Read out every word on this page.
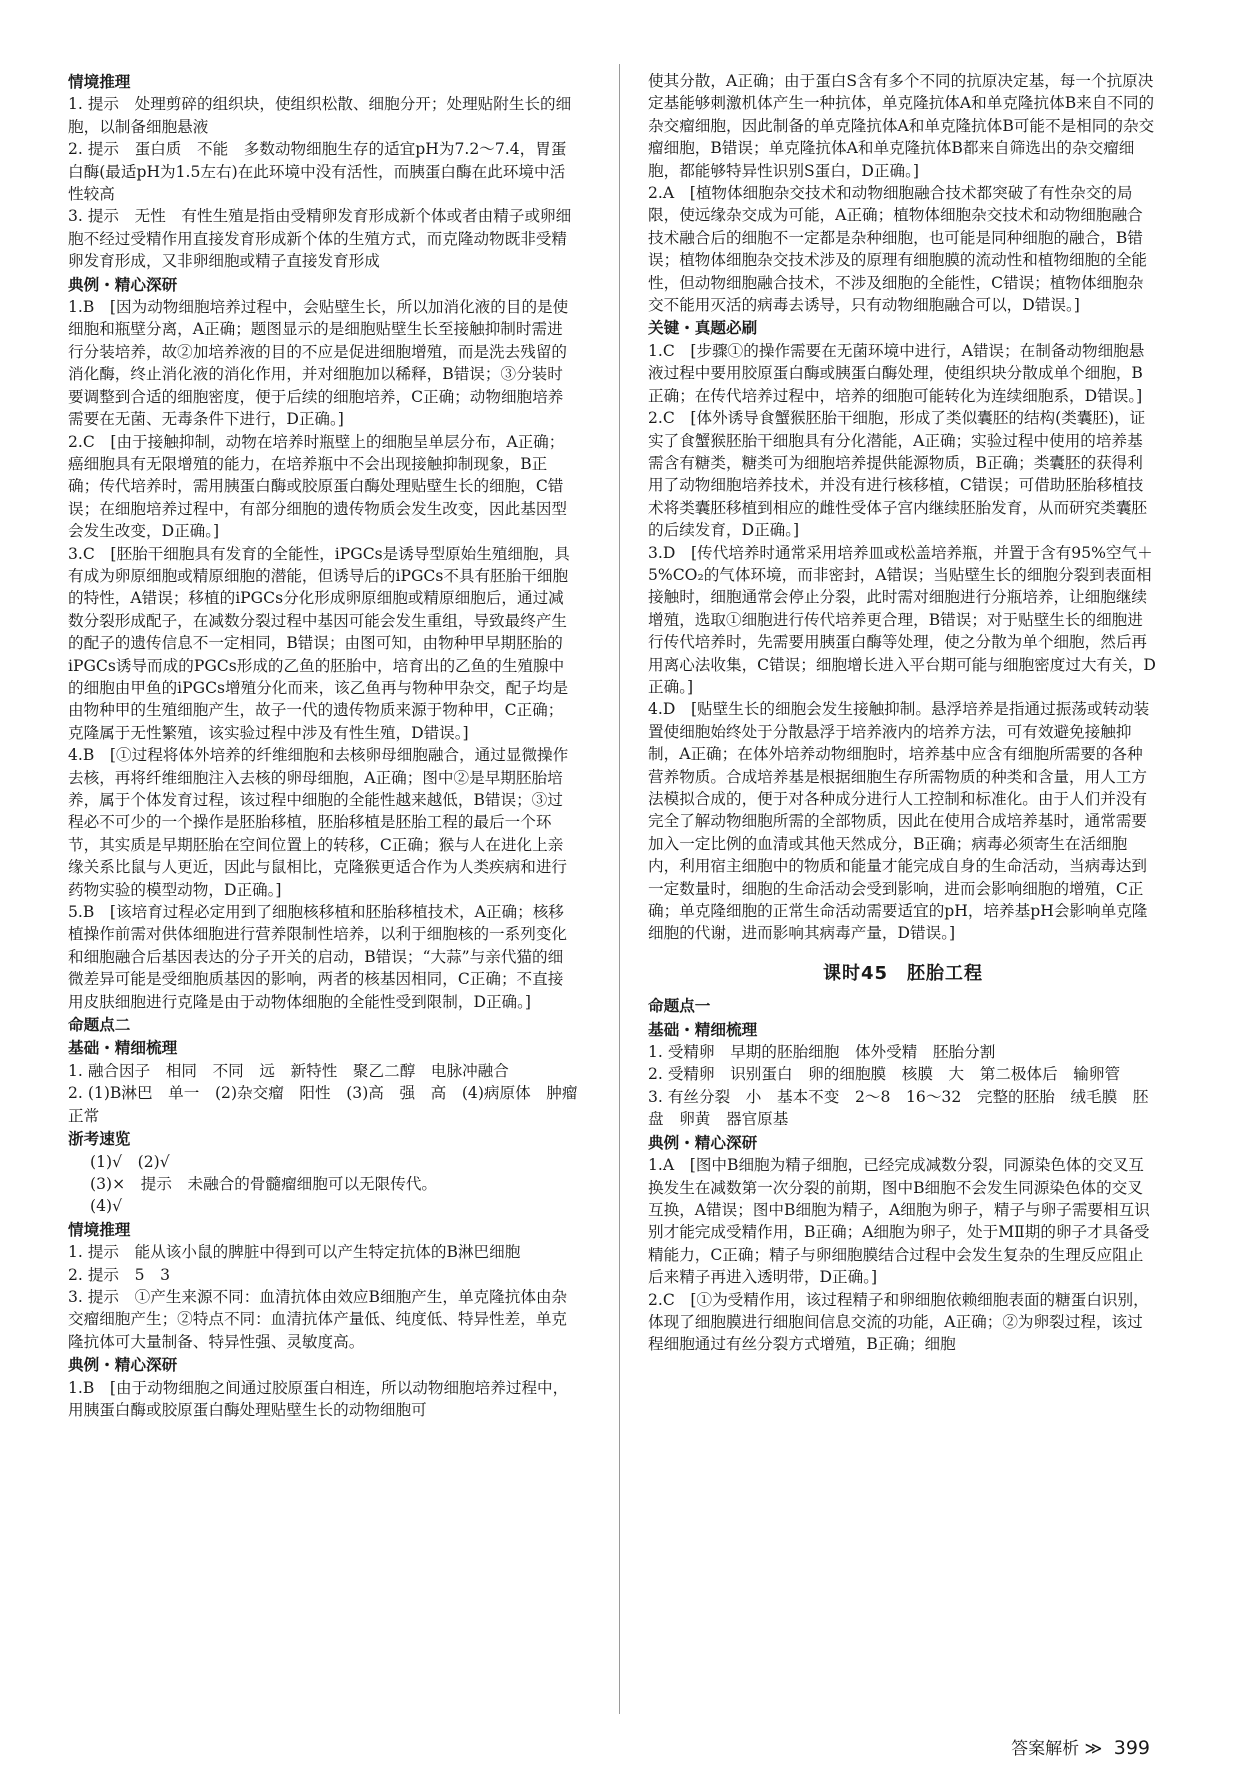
情境推理

1. 提示　处理剪碎的组织块，使组织松散、细胞分开；处理贴附生长的细胞，以制备细胞悬液

2. 提示　蛋白质　不能　多数动物细胞生存的适宜pH为7.2～7.4，胃蛋白酶(最适pH为1.5左右)在此环境中没有活性，而胰蛋白酶在此环境中活性较高

3. 提示　无性　有性生殖是指由受精卵发育形成新个体或者由精子或卵细胞不经过受精作用直接发育形成新个体的生殖方式，而克隆动物既非受精卵发育形成，又非卵细胞或精子直接发育形成

典例・精心深研

1.B　[因为动物细胞培养过程中，会贴壁生长，所以加消化液的目的是使细胞和瓶壁分离，A正确；题图显示的是细胞贴壁生长至接触抑制时需进行分装培养，故②加培养液的目的不应是促进细胞增殖，而是洗去残留的消化酶，终止消化液的消化作用，并对细胞加以稀释，B错误；③分装时要调整到合适的细胞密度，便于后续的细胞培养，C正确；动物细胞培养需要在无菌、无毒条件下进行，D正确。]

2.C　[由于接触抑制，动物在培养时瓶壁上的细胞呈单层分布，A正确；癌细胞具有无限增殖的能力，在培养瓶中不会出现接触抑制现象，B正确；传代培养时，需用胰蛋白酶或胶原蛋白酶处理贴壁生长的细胞，C错误；在细胞培养过程中，有部分细胞的遗传物质会发生改变，因此基因型会发生改变，D正确。]

3.C　[胚胎干细胞具有发育的全能性，iPGCs是诱导型原始生殖细胞，具有成为卵原细胞或精原细胞的潜能，但诱导后的iPGCs不具有胚胎干细胞的特性，A错误；移植的iPGCs分化形成卵原细胞或精原细胞后，通过减数分裂形成配子，在减数分裂过程中基因可能会发生重组，导致最终产生的配子的遗传信息不一定相同，B错误；由图可知，由物种甲早期胚胎的iPGCs诱导而成的PGCs形成的乙鱼的胚胎中，培育出的乙鱼的生殖腺中的细胞由甲鱼的iPGCs增殖分化而来，该乙鱼再与物种甲杂交，配子均是由物种甲的生殖细胞产生，故子一代的遗传物质来源于物种甲，C正确；克隆属于无性繁殖，该实验过程中涉及有性生殖，D错误。]

4.B　[①过程将体外培养的纤维细胞和去核卵母细胞融合，通过显微操作去核，再将纤维细胞注入去核的卵母细胞，A正确；图中②是早期胚胎培养，属于个体发育过程，该过程中细胞的全能性越来越低，B错误；③过程必不可少的一个操作是胚胎移植，胚胎移植是胚胎工程的最后一个环节，其实质是早期胚胎在空间位置上的转移，C正确；猴与人在进化上亲缘关系比鼠与人更近，因此与鼠相比，克隆猴更适合作为人类疾病和进行药物实验的模型动物，D正确。]

5.B　[该培育过程必定用到了细胞核移植和胚胎移植技术，A正确；核移植操作前需对供体细胞进行营养限制性培养，以利于细胞核的一系列变化和细胞融合后基因表达的分子开关的启动，B错误；“大蒜”与亲代猫的细微差异可能是受细胞质基因的影响，两者的核基因相同，C正确；不直接用皮肤细胞进行克隆是由于动物体细胞的全能性受到限制，D正确。]

命题点二
基础・精细梳理

1. 融合因子　相同　不同　远　新特性　聚乙二醇　电脉冲融合

2. (1)B淋巴　单一　(2)杂交瘤　阳性　(3)高　强　高　(4)病原体　肿瘤　正常

浙考速览

(1)√　(2)√

(3)×　提示　未融合的骨髓瘤细胞可以无限传代。

(4)√

情境推理

1. 提示　能从该小鼠的脾脏中得到可以产生特定抗体的B淋巴细胞

2. 提示　5　3

3. 提示　①产生来源不同：血清抗体由效应B细胞产生，单克隆抗体由杂交瘤细胞产生；②特点不同：血清抗体产量低、纯度低、特异性差，单克隆抗体可大量制备、特异性强、灵敏度高。

典例・精心深研

1.B　[由于动物细胞之间通过胶原蛋白相连，所以动物细胞培养过程中，用胰蛋白酶或胶原蛋白酶处理贴壁生长的动物细胞可

使其分散，A正确；由于蛋白S含有多个不同的抗原决定基，每一个抗原决定基能够刺激机体产生一种抗体，单克隆抗体A和单克隆抗体B来自不同的杂交瘤细胞，因此制备的单克隆抗体A和单克隆抗体B可能不是相同的杂交瘤细胞，B错误；单克隆抗体A和单克隆抗体B都来自筛选出的杂交瘤细胞，都能够特异性识别S蛋白，D正确。]

2.A　[植物体细胞杂交技术和动物细胞融合技术都突破了有性杂交的局限，使远缘杂交成为可能，A正确；植物体细胞杂交技术和动物细胞融合技术融合后的细胞不一定都是杂种细胞，也可能是同种细胞的融合，B错误；植物体细胞杂交技术涉及的原理有细胞膜的流动性和植物细胞的全能性，但动物细胞融合技术，不涉及细胞的全能性，C错误；植物体细胞杂交不能用灭活的病毒去诱导，只有动物细胞融合可以，D错误。]

关键・真题必刷

1.C　[步骤①的操作需要在无菌环境中进行，A错误；在制备动物细胞悬液过程中要用胶原蛋白酶或胰蛋白酶处理，使组织块分散成单个细胞，B正确；在传代培养过程中，培养的细胞可能转化为连续细胞系，D错误。]

2.C　[体外诱导食蟹猴胚胎干细胞，形成了类似囊胚的结构(类囊胚)，证实了食蟹猴胚胎干细胞具有分化潜能，A正确；实验过程中使用的培养基需含有糖类，糖类可为细胞培养提供能源物质，B正确；类囊胚的获得利用了动物细胞培养技术，并没有进行核移植，C错误；可借助胚胎移植技术将类囊胚移植到相应的雌性受体子宫内继续胚胎发育，从而研究类囊胚的后续发育，D正确。]

3.D　[传代培养时通常采用培养皿或松盖培养瓶，并置于含有95%空气＋5%CO₂的气体环境，而非密封，A错误；当贴壁生长的细胞分裂到表面相接触时，细胞通常会停止分裂，此时需对细胞进行分瓶培养，让细胞继续增殖，选取①细胞进行传代培养更合理，B错误；对于贴壁生长的细胞进行传代培养时，先需要用胰蛋白酶等处理，使之分散为单个细胞，然后再用离心法收集，C错误；细胞增长进入平台期可能与细胞密度过大有关，D正确。]

4.D　[贴壁生长的细胞会发生接触抑制。悬浮培养是指通过振荡或转动装置使细胞始终处于分散悬浮于培养液内的培养方法，可有效避免接触抑制，A正确；在体外培养动物细胞时，培养基中应含有细胞所需要的各种营养物质。合成培养基是根据细胞生存所需物质的种类和含量，用人工方法模拟合成的，便于对各种成分进行人工控制和标准化。由于人们并没有完全了解动物细胞所需的全部物质，因此在使用合成培养基时，通常需要加入一定比例的血清或其他天然成分，B正确；病毒必须寄生在活细胞内，利用宿主细胞中的物质和能量才能完成自身的生命活动，当病毒达到一定数量时，细胞的生命活动会受到影响，进而会影响细胞的增殖，C正确；单克隆细胞的正常生命活动需要适宜的pH，培养基pH会影响单克隆细胞的代谢，进而影响其病毒产量，D错误。]

课时45　胚胎工程
命题点一
基础・精细梳理

1. 受精卵　早期的胚胎细胞　体外受精　胚胎分割

2. 受精卵　识别蛋白　卵的细胞膜　核膜　大　第二极体后　输卵管

3. 有丝分裂　小　基本不变　2～8　16～32　完整的胚胎　绒毛膜　胚盘　卵黄　器官原基

典例・精心深研

1.A　[图中B细胞为精子细胞，已经完成减数分裂，同源染色体的交叉互换发生在减数第一次分裂的前期，图中B细胞不会发生同源染色体的交叉互换，A错误；图中B细胞为精子，A细胞为卵子，精子与卵子需要相互识别才能完成受精作用，B正确；A细胞为卵子，处于MⅡ期的卵子才具备受精能力，C正确；精子与卵细胞膜结合过程中会发生复杂的生理反应阻止后来精子再进入透明带，D正确。]

2.C　[①为受精作用，该过程精子和卵细胞依赖细胞表面的糖蛋白识别，体现了细胞膜进行细胞间信息交流的功能，A正确；②为卵裂过程，该过程细胞通过有丝分裂方式增殖，B正确；细胞

答案解析 ≫ 399
